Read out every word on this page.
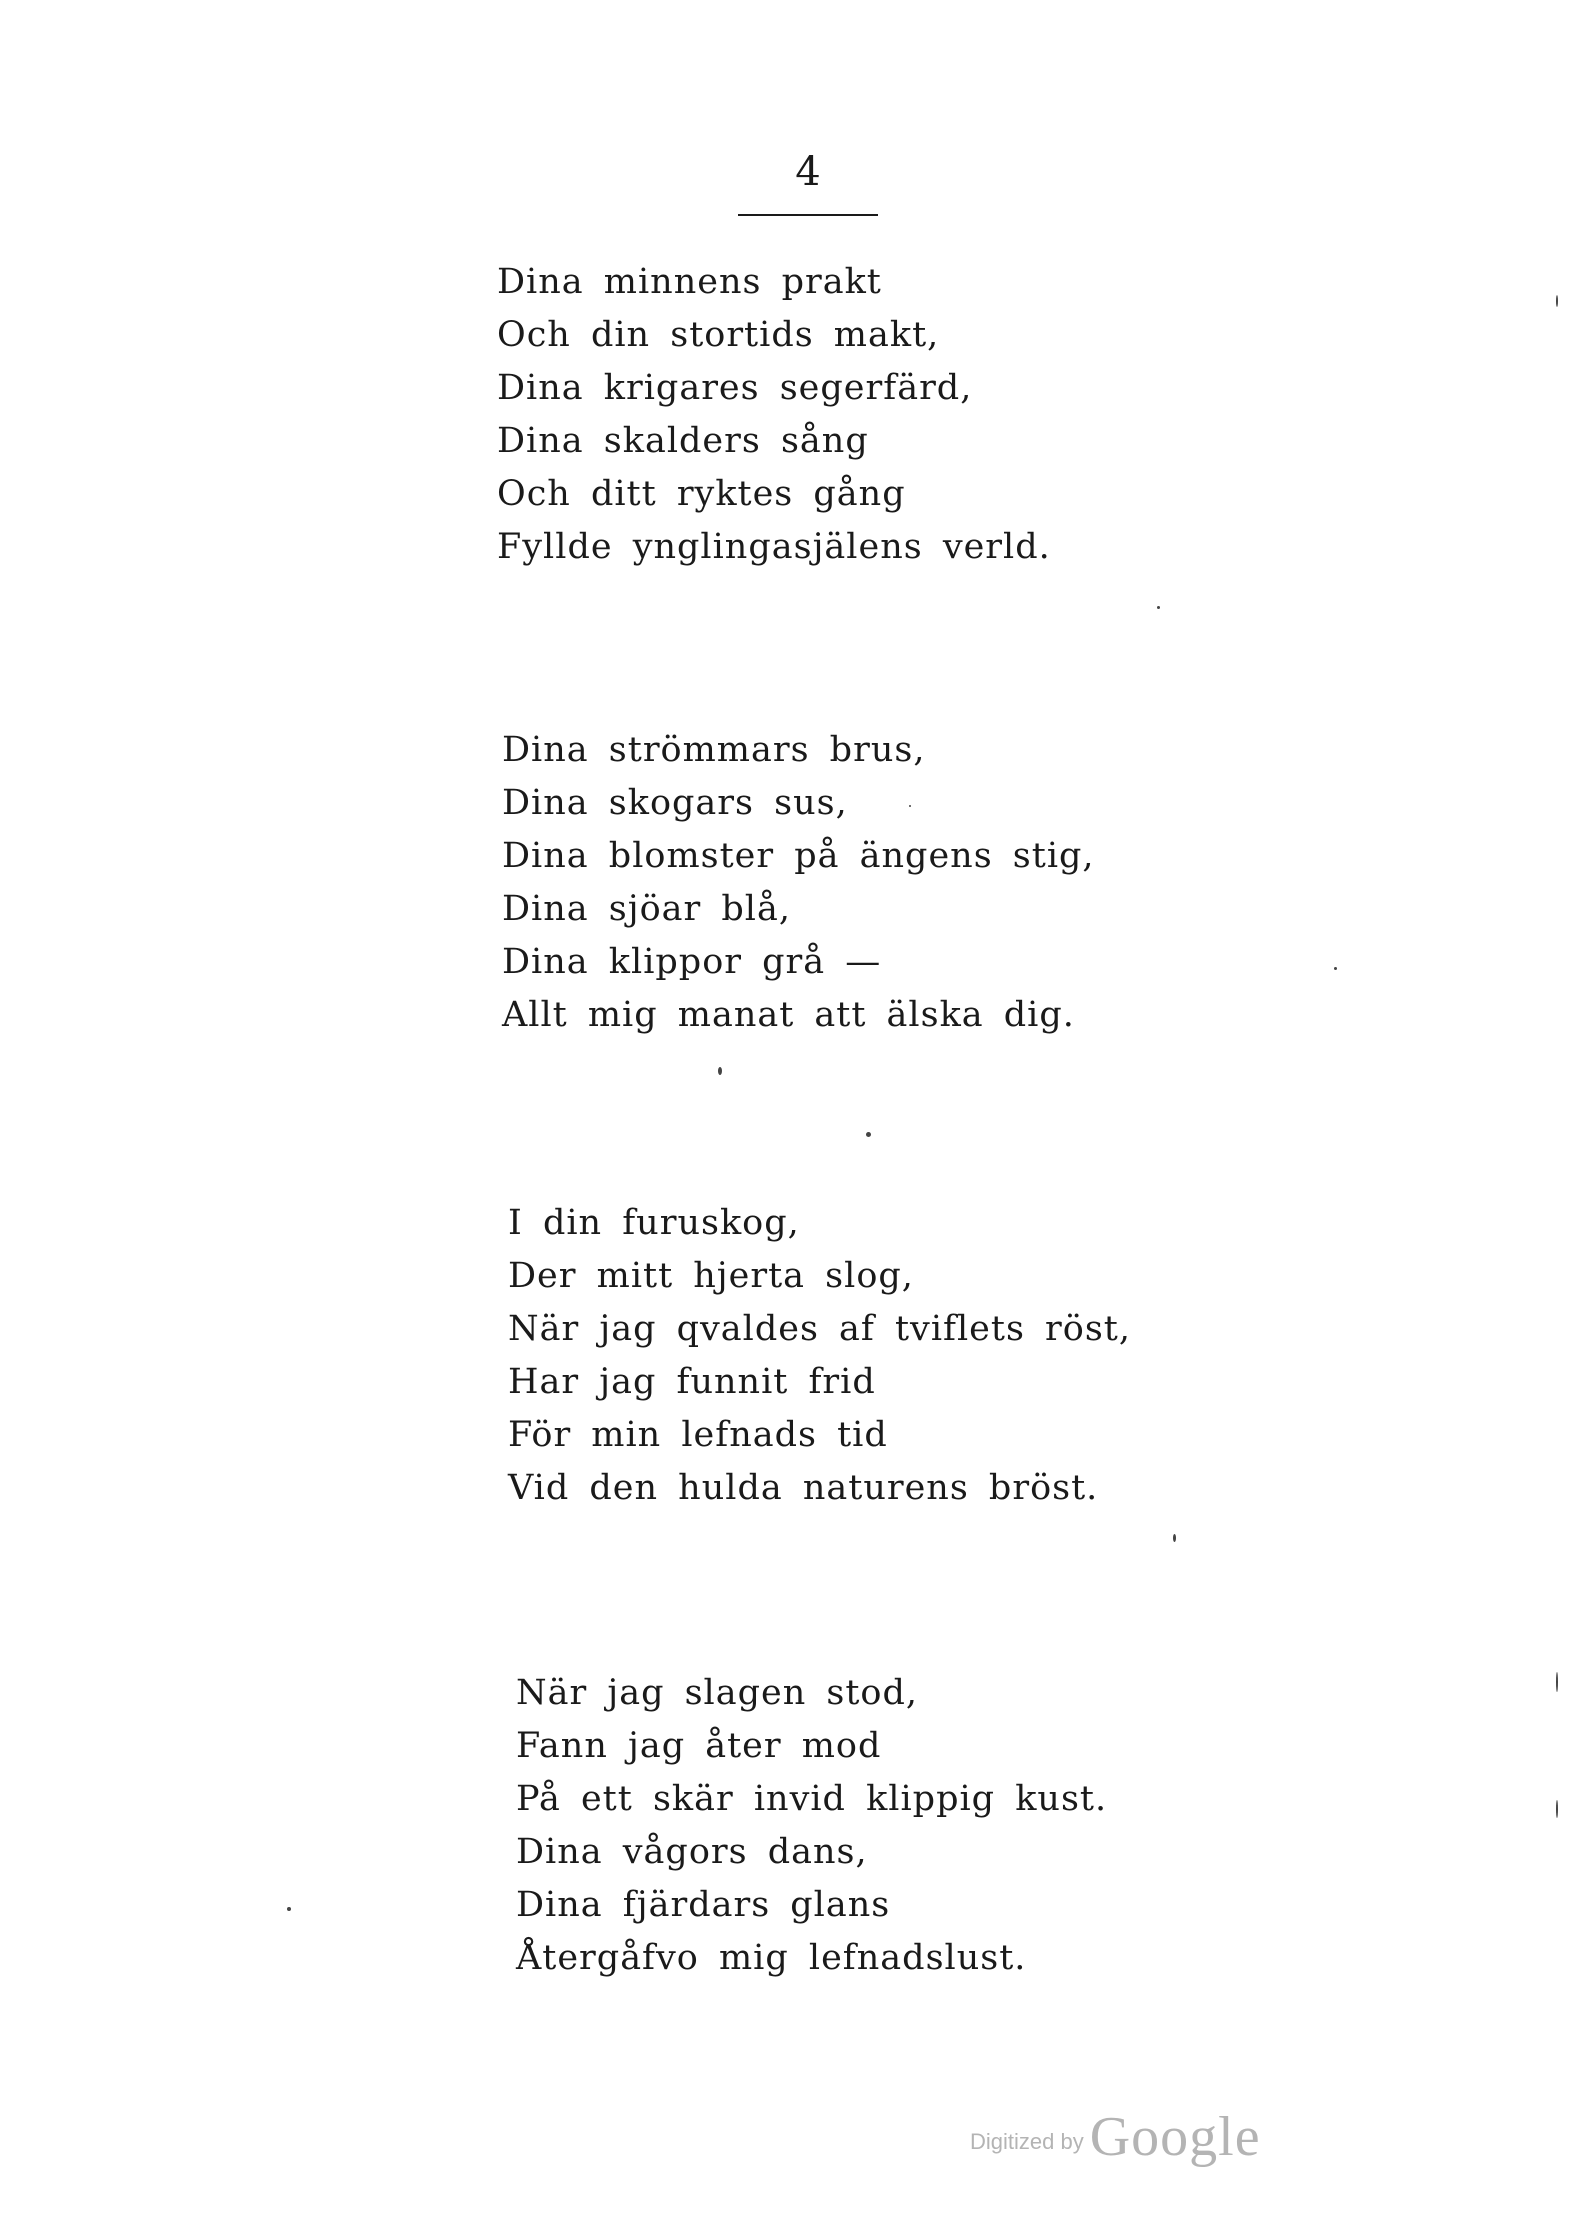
4
Dina minnens prakt
Och din stortids makt,
Dina krigares segerfärd,
Dina skalders sång
Och ditt ryktes gång
Fyllde ynglingasjälens verld.
Dina strömmars brus,
Dina skogars sus,
Dina blomster på ängens stig,
Dina sjöar blå,
Dina klippor grå —
Allt mig manat att älska dig.
I din furuskog,
Der mitt hjerta slog,
När jag qvaldes af tviflets röst,
Har jag funnit frid
För min lefnads tid
Vid den hulda naturens bröst.
När jag slagen stod,
Fann jag åter mod
På ett skär invid klippig kust.
Dina vågors dans,
Dina fjärdars glans
Återgåfvo mig lefnadslust.
Digitized by Google
